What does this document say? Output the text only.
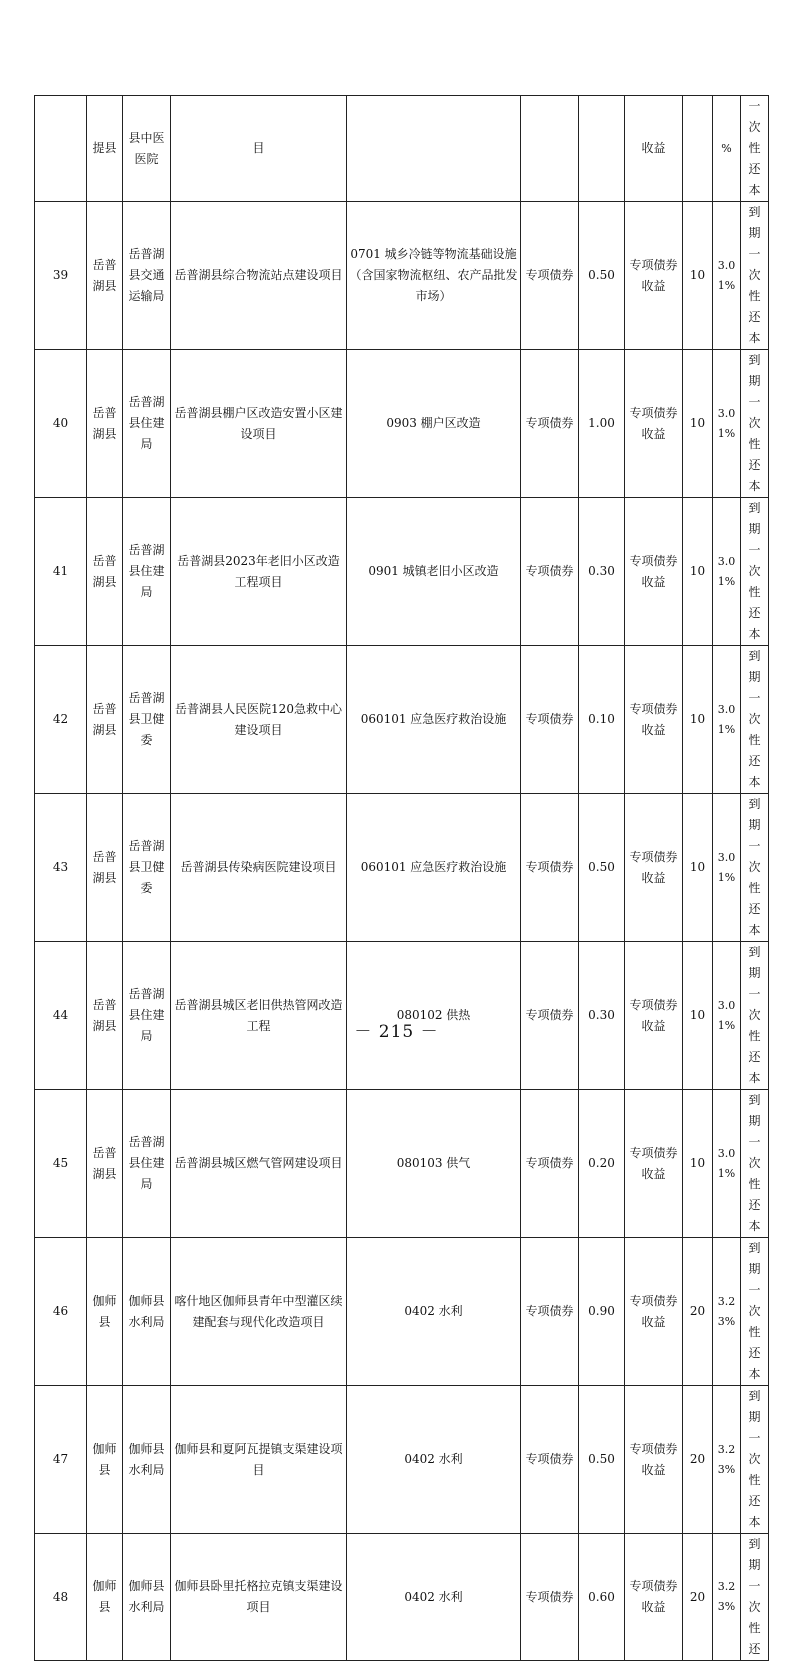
	提县	县中医医院	目				收益		%	一次性还本
39	岳普湖县	岳普湖县交通运输局	岳普湖县综合物流站点建设项目	0701 城乡冷链等物流基础设施（含国家物流枢纽、农产品批发市场）	专项债券	0.50	专项债券收益	10	3.01%	到期一次性还本
40	岳普湖县	岳普湖县住建局	岳普湖县棚户区改造安置小区建设项目	0903 棚户区改造	专项债券	1.00	专项债券收益	10	3.01%	到期一次性还本
41	岳普湖县	岳普湖县住建局	岳普湖县2023年老旧小区改造工程项目	0901 城镇老旧小区改造	专项债券	0.30	专项债券收益	10	3.01%	到期一次性还本
42	岳普湖县	岳普湖县卫健委	岳普湖县人民医院120急救中心建设项目	060101 应急医疗救治设施	专项债券	0.10	专项债券收益	10	3.01%	到期一次性还本
43	岳普湖县	岳普湖县卫健委	岳普湖县传染病医院建设项目	060101 应急医疗救治设施	专项债券	0.50	专项债券收益	10	3.01%	到期一次性还本
44	岳普湖县	岳普湖县住建局	岳普湖县城区老旧供热管网改造工程	080102 供热	专项债券	0.30	专项债券收益	10	3.01%	到期一次性还本
45	岳普湖县	岳普湖县住建局	岳普湖县城区燃气管网建设项目	080103 供气	专项债券	0.20	专项债券收益	10	3.01%	到期一次性还本
46	伽师县	伽师县水利局	喀什地区伽师县青年中型灌区续建配套与现代化改造项目	0402 水利	专项债券	0.90	专项债券收益	20	3.23%	到期一次性还本
47	伽师县	伽师县水利局	伽师县和夏阿瓦提镇支渠建设项目	0402 水利	专项债券	0.50	专项债券收益	20	3.23%	到期一次性还本
48	伽师县	伽师县水利局	伽师县卧里托格拉克镇支渠建设项目	0402 水利	专项债券	0.60	专项债券收益	20	3.23%	到期一次性还
－ 215 －
